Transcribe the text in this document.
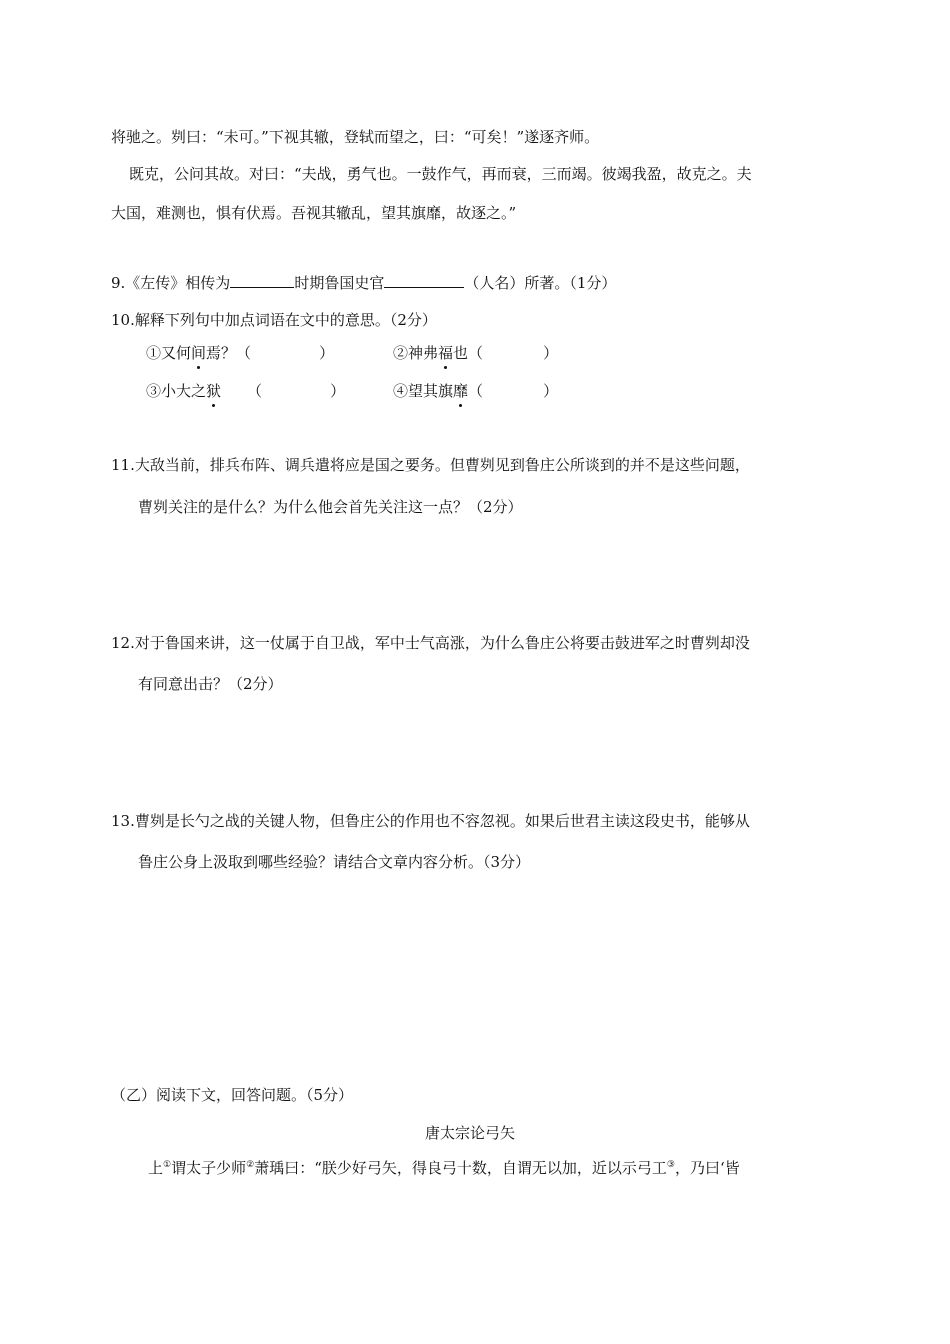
将驰之。刿曰：“未可。”下视其辙，登轼而望之，曰：“可矣！”遂逐齐师。
既克，公问其故。对曰：“夫战，勇气也。一鼓作气，再而衰，三而竭。彼竭我盈，故克之。夫
大国，难测也，惧有伏焉。吾视其辙乱，望其旗靡，故逐之。”
9.《左传》相传为	时期鲁国史官	（人名）所著。（1分）
10.解释下列句中加点词语在文中的意思。（2分）
①又何间焉？（	）	②神弗福也（	）
③小大之狱 （	）	④望其旗靡（	）
11.大敌当前，排兵布阵、调兵遣将应是国之要务。但曹刿见到鲁庄公所谈到的并不是这些问题，
曹刿关注的是什么？为什么他会首先关注这一点？（2分）
12.对于鲁国来讲，这一仗属于自卫战，军中士气高涨，为什么鲁庄公将要击鼓进军之时曹刿却没
有同意出击？（2分）
13.曹刿是长勺之战的关键人物，但鲁庄公的作用也不容忽视。如果后世君主读这段史书，能够从
鲁庄公身上汲取到哪些经验？请结合文章内容分析。（3分）
（乙）阅读下文，回答问题。（5分）
唐太宗论弓矢
上①谓太子少师②萧瑀曰：“朕少好弓矢，得良弓十数，自谓无以加，近以示弓工③，乃曰‘皆
